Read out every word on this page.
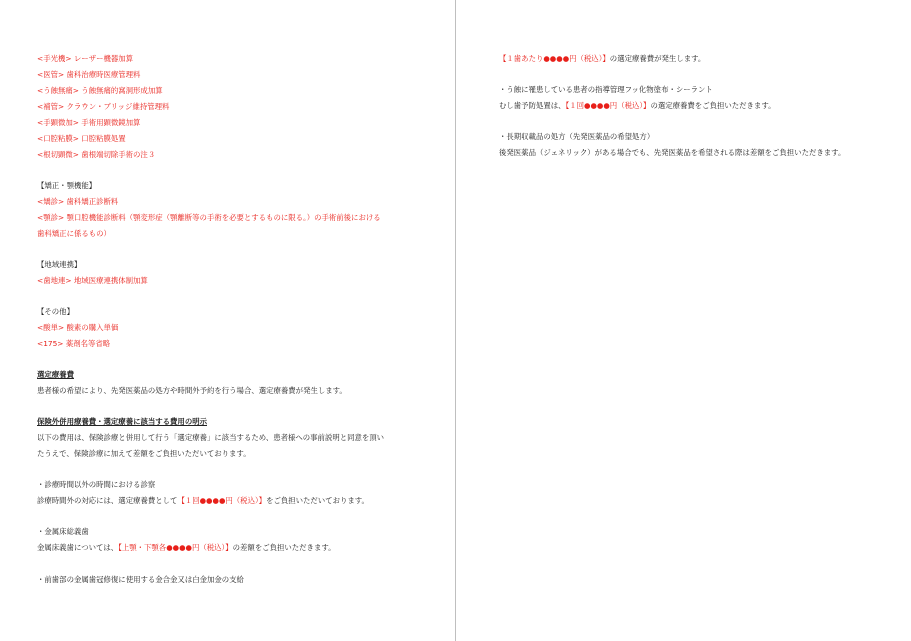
<手光機> レーザー機器加算
<医管> 歯科治療時医療管理料
<う蝕無痛> う蝕無痛的窩洞形成加算
<補管> クラウン・ブリッジ維持管理料
<手顕微加> 手術用顕微鏡加算
<口腔粘膜> 口腔粘膜処置
<根切顕微> 歯根端切除手術の注３
【矯正・顎機能】
<矯診> 歯科矯正診断料
<顎診> 顎口腔機能診断料（顎変形症（顎離断等の手術を必要とするものに限る。）の手術前後における
歯科矯正に係るもの）
【地域連携】
<歯地連> 地域医療連携体制加算
【その他】
<酸単> 酸素の購入単価
<175> 薬剤名等省略
選定療養費
患者様の希望により、先発医薬品の処方や時間外予約を行う場合、選定療養費が発生します。
保険外併用療養費・選定療養に該当する費用の明示
以下の費用は、保険診療と併用して行う「選定療養」に該当するため、患者様への事前説明と同意を頂い
たうえで、保険診療に加えて差額をご負担いただいております。
・診療時間以外の時間における診察
診療時間外の対応には、選定療養費として【１回●●●●円（税込）】をご負担いただいております。
・金属床総義歯
金属床義歯については、【上顎・下顎各●●●●円（税込）】の差額をご負担いただきます。
・前歯部の金属歯冠修復に使用する金合金又は白金加金の支給
【１歯あたり●●●●円（税込）】の選定療養費が発生します。
・う蝕に罹患している患者の指導管理フッ化物塗布・シーラント
むし歯予防処置は、【１回●●●●円（税込）】の選定療養費をご負担いただきます。
・長期収載品の処方（先発医薬品の希望処方）
後発医薬品（ジェネリック）がある場合でも、先発医薬品を希望される際は差額をご負担いただきます。
